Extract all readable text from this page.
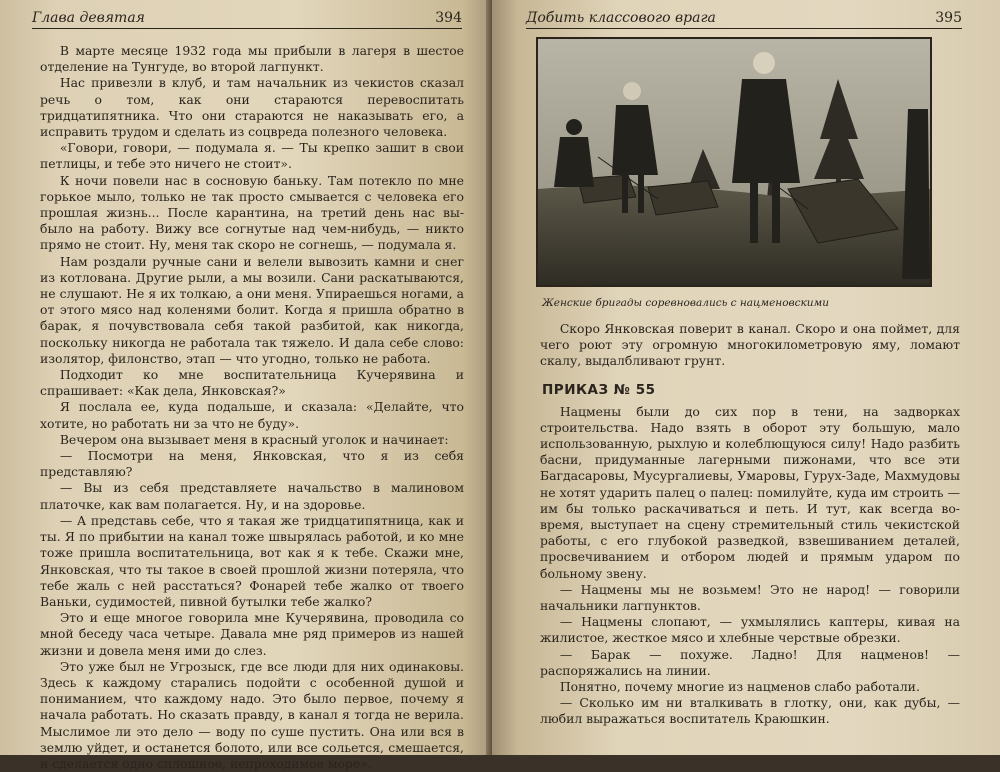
Глава девятая	394

В марте месяце 1932 года мы прибыли в лагеря в шестое отделение на Тунгуде, во второй лагпункт.

Нас привезли в клуб, и там начальник из чекистов сказал речь о том, как они стараются перевоспитать тридцатипятника. Что они стараются не наказывать его, а исправить трудом и сделать из соцвреда полезного человека.

«Говори, говори, — подумала я. — Ты крепко зашит в свои петлицы, и тебе это ничего не стоит».

К ночи повели нас в сосновую баньку. Там потекло по мне горькое мыло, только не так просто смывается с человека его прошлая жизнь... После карантина, на третий день нас вы-было на работу. Вижу все согнутые над чем-нибудь, — никто прямо не стоит. Ну, меня так скоро не согнешь, — подумала я.

Нам роздали ручные сани и велели вывозить камни и снег из котлована. Другие рыли, а мы возили. Сани раскатываются, не слушают. Не я их толкаю, а они меня. Упираешься ногами, а от этого мясо над коленями болит. Когда я пришла обратно в барак, я почувствовала себя такой разбитой, как никогда, поскольку никогда не работала так тяжело. И дала себе слово: изолятор, филонство, этап — что угодно, только не работа.

Подходит ко мне воспитательница Кучерявина и спрашивает: «Как дела, Янковская?»

Я послала ее, куда подальше, и сказала: «Делайте, что хотите, но работать ни за что не буду».

Вечером она вызывает меня в красный уголок и начинает:

— Посмотри на меня, Янковская, что я из себя представляю?

— Вы из себя представляете начальство в малиновом платочке, как вам полагается. Ну, и на здоровье.

— А представь себе, что я такая же тридцатипятница, как и ты. Я по прибытии на канал тоже швырялась работой, и ко мне тоже пришла воспитательница, вот как я к тебе. Скажи мне, Янковская, что ты такое в своей прошлой жизни потеряла, что тебе жаль с ней расстаться? Фонарей тебе жалко от твоего Ваньки, судимостей, пивной бутылки тебе жалко?

Это и еще многое говорила мне Кучерявина, проводила со мной беседу часа четыре. Давала мне ряд примеров из нашей жизни и довела меня ими до слез.

Это уже был не Угрозыск, где все люди для них одинаковы. Здесь к каждому старались подойти с особенной душой и пониманием, что каждому надо. Это было первое, почему я начала работать. Но сказать правду, в канал я тогда не верила. Мыслимое ли это дело — воду по суше пустить. Она или вся в землю уйдет, и останется болото, или все сольется, смешается, и сделается одно сплошное, непроходимое море».

Добить классового врага	395
Женские бригады соревновались с нацменовскими

Скоро Янковская поверит в канал. Скоро и она поймет, для чего роют эту огромную многокилометровую яму, ломают скалу, выдалбливают грунт.

ПРИКАЗ № 55

Нацмены были до сих пор в тени, на задворках строительства. Надо взять в оборот эту большую, мало использованную, рыхлую и колеблющуюся силу! Надо разбить басни, придуманные лагерными пижонами, что все эти Багдасаровы, Мусургалиевы, Умаровы, Гурух-Заде, Махмудовы не хотят ударить палец о палец: помилуйте, куда им строить — им бы только раскачиваться и петь. И тут, как всегда во-время, выступает на сцену стремительный стиль чекистской работы, с его глубокой разведкой, взвешиванием деталей, просвечиванием и отбором людей и прямым ударом по больному звену.

— Нацмены мы не возьмем! Это не народ! — говорили начальники лагпунктов.

— Нацмены слопают, — ухмылялись каптеры, кивая на жилистое, жесткое мясо и хлебные черствые обрезки.

— Барак — похуже. Ладно! Для нацменов! — распоряжались на линии.

Понятно, почему многие из нацменов слабо работали.

— Сколько им ни вталкивать в глотку, они, как дубы, — любил выражаться воспитатель Краюшкин.
